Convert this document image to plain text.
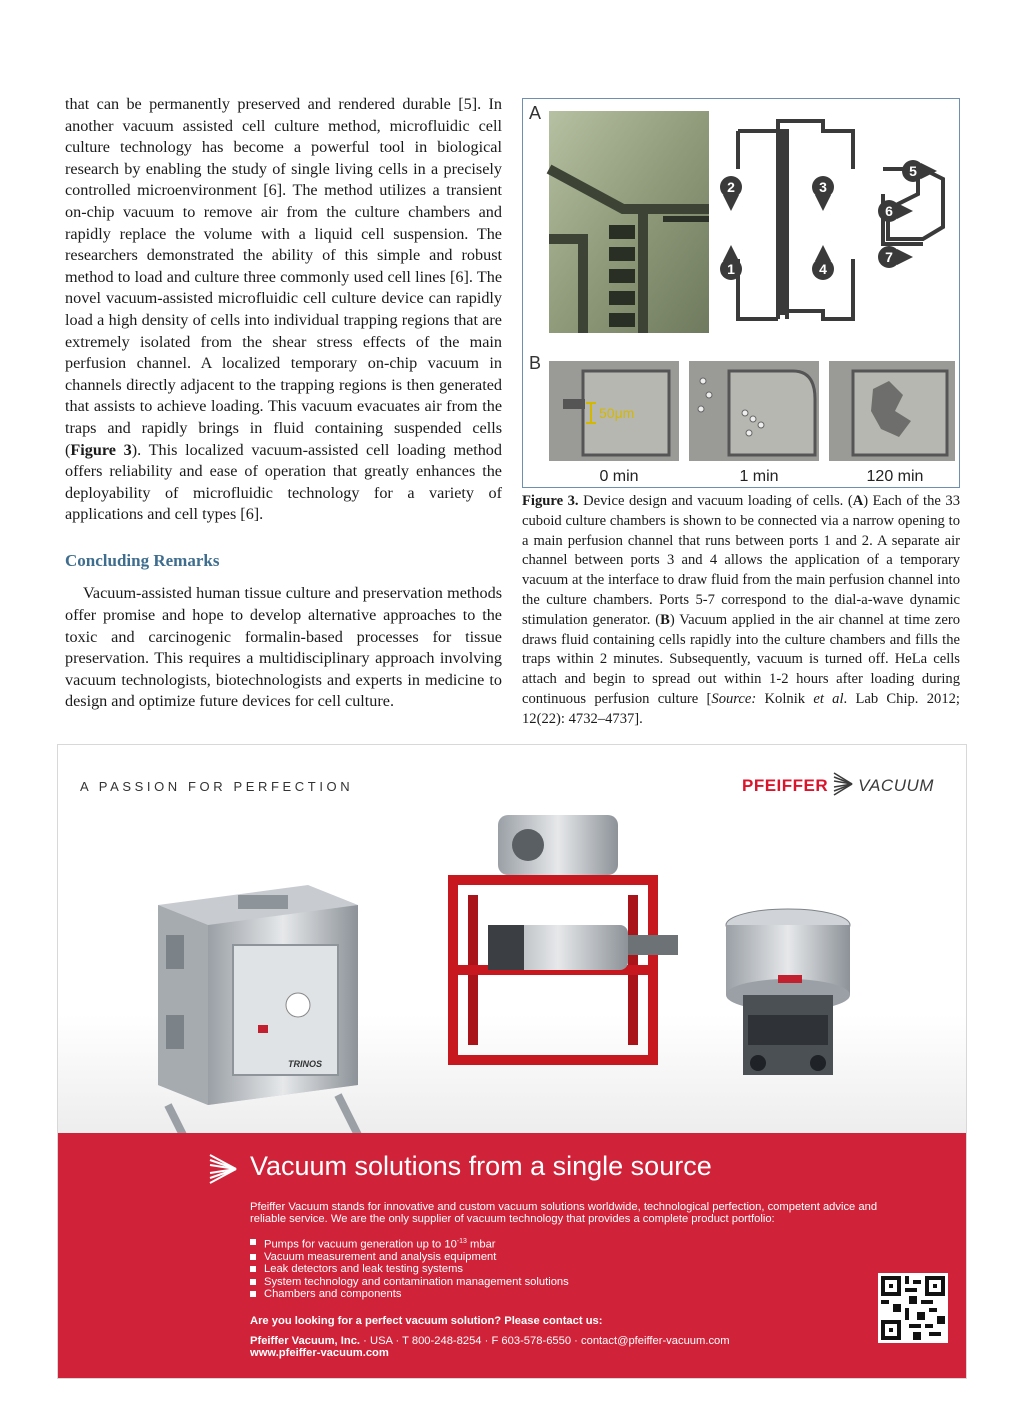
that can be permanently preserved and rendered durable [5]. In another vacuum assisted cell culture method, microfluidic cell culture technology has become a powerful tool in biological research by enabling the study of single living cells in a precisely controlled microenvironment [6]. The method utilizes a transient on-chip vacuum to remove air from the culture chambers and rapidly replace the volume with a liquid cell suspension. The researchers demonstrated the ability of this simple and robust method to load and culture three commonly used cell lines [6]. The novel vacuum-assisted microfluidic cell culture device can rapidly load a high density of cells into individual trapping regions that are extremely isolated from the shear stress effects of the main perfusion channel. A localized temporary on-chip vacuum in channels directly adjacent to the trapping regions is then generated that assists to achieve loading. This vacuum evacuates air from the traps and rapidly brings in fluid containing suspended cells (Figure 3). This localized vacuum-assisted cell loading method offers reliability and ease of operation that greatly enhances the deployability of microfluidic technology for a variety of applications and cell types [6].

Concluding Remarks

Vacuum-assisted human tissue culture and preservation methods offer promise and hope to develop alternative approaches to the toxic and carcinogenic formalin-based processes for tissue preservation. This requires a multidisciplinary approach involving vacuum technologists, biotechnologists and experts in medicine to design and optimize future devices for cell culture.

A
2	3
1	4
5
6
7
B
50μm
0 min	1 min	120 min
Figure 3. Device design and vacuum loading of cells. (A) Each of the 33 cuboid culture chambers is shown to be connected via a narrow opening to a main perfusion channel that runs between ports 1 and 2. A separate air channel between ports 3 and 4 allows the application of a temporary vacuum at the interface to draw fluid from the main perfusion channel into the culture chambers. Ports 5-7 correspond to the dial-a-wave dynamic stimulation generator. (B) Vacuum applied in the air channel at time zero draws fluid containing cells rapidly into the culture chambers and fills the traps within 2 minutes. Subsequently, vacuum is turned off. HeLa cells attach and begin to spread out within 1-2 hours after loading during continuous perfusion culture [Source: Kolnik et al. Lab Chip. 2012; 12(22): 4732–4737].
A PASSION FOR PERFECTION	PFEIFFER VACUUM
TRINOS
COMBI
Vacuum solutions from a single source
Pfeiffer Vacuum stands for innovative and custom vacuum solutions worldwide, technological perfection, competent advice and reliable service. We are the only supplier of vacuum technology that provides a complete product portfolio:
Pumps for vacuum generation up to $10^{-13}$ mbar
Vacuum measurement and analysis equipment
Leak detectors and leak testing systems
System technology and contamination management solutions
Chambers and components
Are you looking for a perfect vacuum solution? Please contact us:
Pfeiffer Vacuum, Inc. · USA · T 800-248-8254 · F 603-578-6550 · contact@pfeiffer-vacuum.com
www.pfeiffer-vacuum.com
